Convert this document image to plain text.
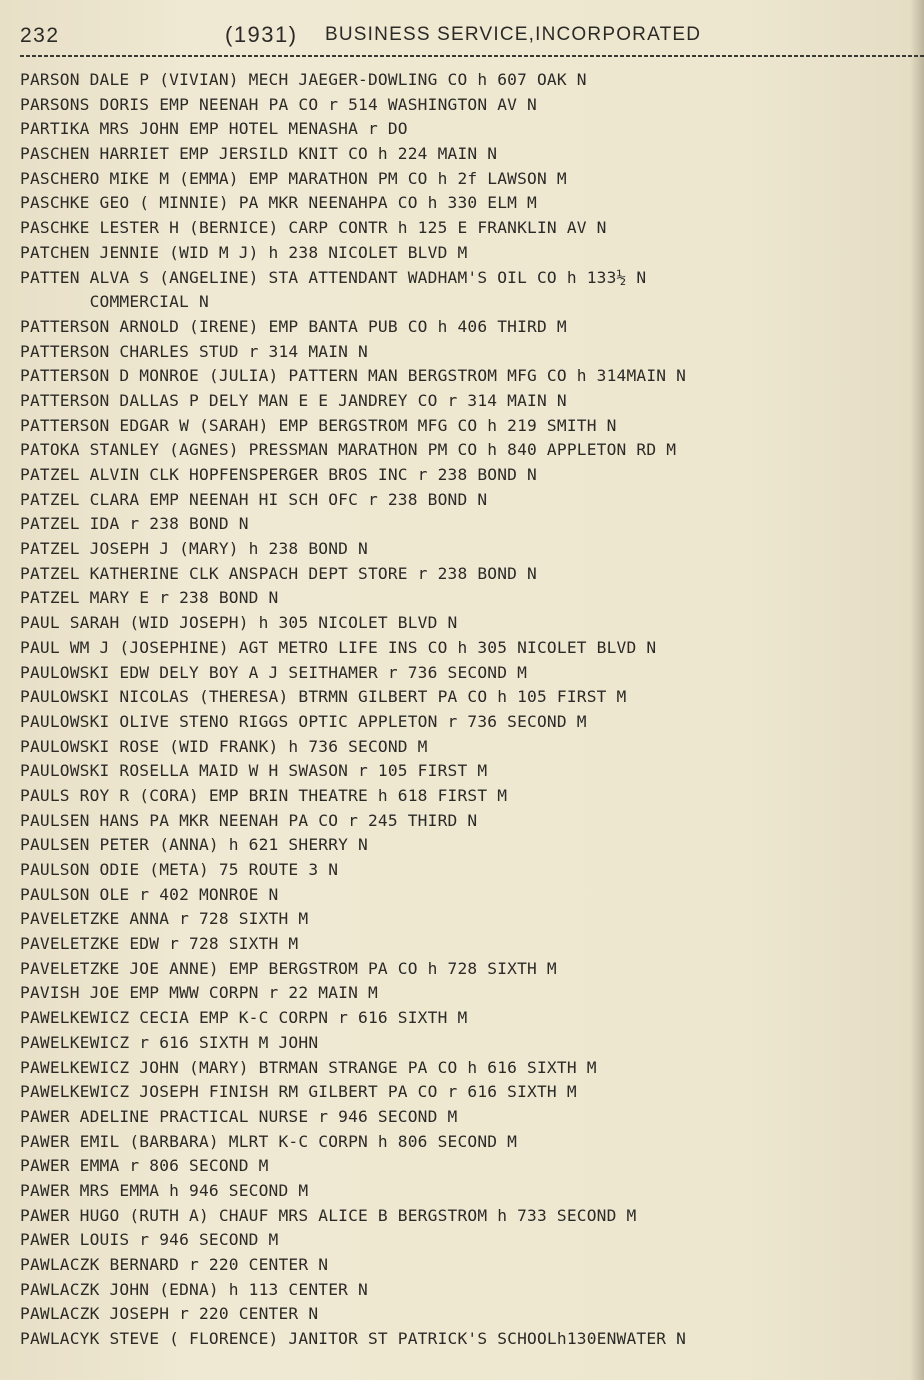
232	(1931) BUSINESS SERVICE,INCORPORATED
PARSON DALE P (VIVIAN) MECH JAEGER-DOWLING CO h 607 OAK N
PARSONS DORIS EMP NEENAH PA CO r 514 WASHINGTON AV N
PARTIKA MRS JOHN EMP HOTEL MENASHA r DO
PASCHEN HARRIET EMP JERSILD KNIT CO h 224 MAIN N
PASCHERO MIKE M (EMMA) EMP MARATHON PM CO h 2f LAWSON M
PASCHKE GEO ( MINNIE) PA MKR NEENAHPA CO h 330 ELM M
PASCHKE LESTER H (BERNICE) CARP CONTR h 125 E FRANKLIN AV N
PATCHEN JENNIE (WID M J) h 238 NICOLET BLVD M
PATTEN ALVA S (ANGELINE) STA ATTENDANT WADHAM'S OIL CO h 133½ N
COMMERCIAL N
PATTERSON ARNOLD (IRENE) EMP BANTA PUB CO h 406 THIRD M
PATTERSON CHARLES STUD r 314 MAIN N
PATTERSON D MONROE (JULIA) PATTERN MAN BERGSTROM MFG CO h 314MAIN N
PATTERSON DALLAS P DELY MAN E E JANDREY CO r 314 MAIN N
PATTERSON EDGAR W (SARAH) EMP BERGSTROM MFG CO h 219 SMITH N
PATOKA STANLEY (AGNES) PRESSMAN MARATHON PM CO h 840 APPLETON RD M
PATZEL ALVIN CLK HOPFENSPERGER BROS INC r 238 BOND N
PATZEL CLARA EMP NEENAH HI SCH OFC r 238 BOND N
PATZEL IDA r 238 BOND N
PATZEL JOSEPH J (MARY) h 238 BOND N
PATZEL KATHERINE CLK ANSPACH DEPT STORE r 238 BOND N
PATZEL MARY E r 238 BOND N
PAUL SARAH (WID JOSEPH) h 305 NICOLET BLVD N
PAUL WM J (JOSEPHINE) AGT METRO LIFE INS CO h 305 NICOLET BLVD N
PAULOWSKI EDW DELY BOY A J SEITHAMER r 736 SECOND M
PAULOWSKI NICOLAS (THERESA) BTRMN GILBERT PA CO h 105 FIRST M
PAULOWSKI OLIVE STENO RIGGS OPTIC APPLETON r 736 SECOND M
PAULOWSKI ROSE (WID FRANK) h 736 SECOND M
PAULOWSKI ROSELLA MAID W H SWASON r 105 FIRST M
PAULS ROY R (CORA) EMP BRIN THEATRE h 618 FIRST M
PAULSEN HANS PA MKR NEENAH PA CO r 245 THIRD N
PAULSEN PETER (ANNA) h 621 SHERRY N
PAULSON ODIE (META) 75 ROUTE 3 N
PAULSON OLE r 402 MONROE N
PAVELETZKE ANNA r 728 SIXTH M
PAVELETZKE EDW r 728 SIXTH M
PAVELETZKE JOE ANNE) EMP BERGSTROM PA CO h 728 SIXTH M
PAVISH JOE EMP MWW CORPN r 22 MAIN M
PAWELKEWICZ CECIA EMP K-C CORPN r 616 SIXTH M
PAWELKEWICZ r 616 SIXTH M JOHN
PAWELKEWICZ JOHN (MARY) BTRMAN STRANGE PA CO h 616 SIXTH M
PAWELKEWICZ JOSEPH FINISH RM GILBERT PA CO r 616 SIXTH M
PAWER ADELINE PRACTICAL NURSE r 946 SECOND M
PAWER EMIL (BARBARA) MLRT K-C CORPN h 806 SECOND M
PAWER EMMA r 806 SECOND M
PAWER MRS EMMA h 946 SECOND M
PAWER HUGO (RUTH A) CHAUF MRS ALICE B BERGSTROM h 733 SECOND M
PAWER LOUIS r 946 SECOND M
PAWLACZK BERNARD r 220 CENTER N
PAWLACZK JOHN (EDNA) h 113 CENTER N
PAWLACZK JOSEPH r 220 CENTER N
PAWLACYK STEVE ( FLORENCE) JANITOR ST PATRICK'S SCHOOLh130ENWATER N
